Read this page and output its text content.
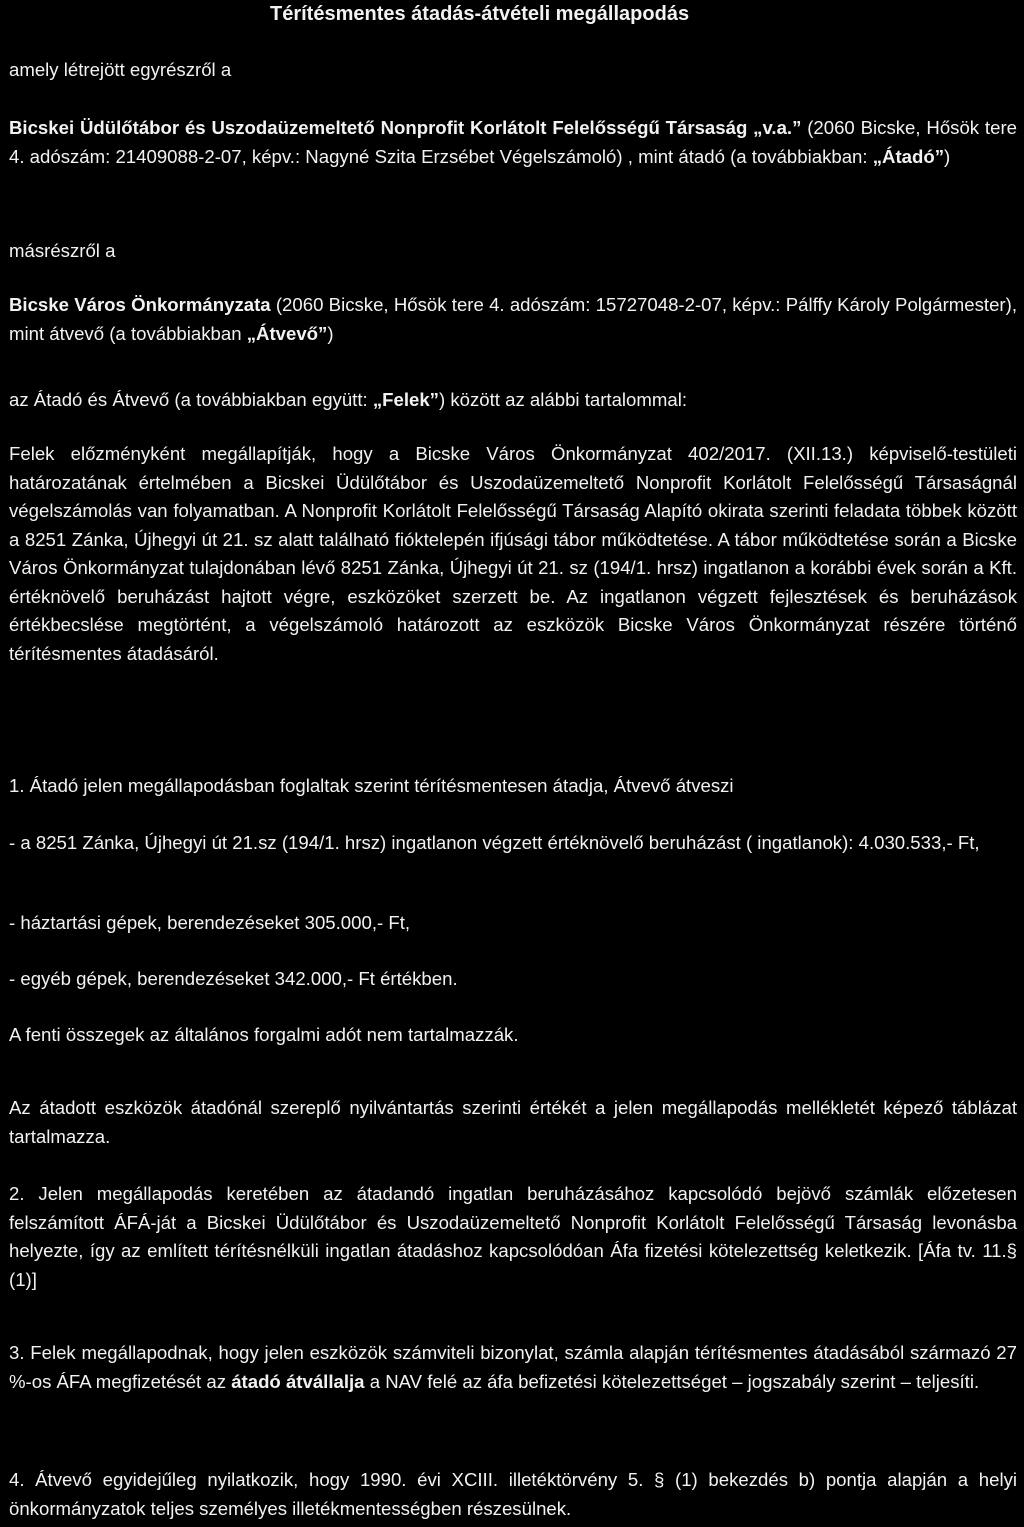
Térítésmentes átadás-átvételi megállapodás

amely létrejött egyrészről a

Bicskei Üdülőtábor és Uszodaüzemeltető Nonprofit Korlátolt Felelősségű Társaság „v.a.” (2060 Bicske, Hősök tere 4. adószám: 21409088-2-07, képv.: Nagyné Szita Erzsébet Végelszámoló) , mint átadó (a továbbiakban: „Átadó”)

másrészről a

Bicske Város Önkormányzata (2060 Bicske, Hősök tere 4. adószám: 15727048-2-07, képv.: Pálffy Károly Polgármester), mint átvevő (a továbbiakban „Átvevő”)

az Átadó és Átvevő (a továbbiakban együtt: „Felek”) között az alábbi tartalommal:

Felek előzményként megállapítják, hogy a Bicske Város Önkormányzat 402/2017. (XII.13.) képviselő-testületi határozatának értelmében a Bicskei Üdülőtábor és Uszodaüzemeltető Nonprofit Korlátolt Felelősségű Társaságnál végelszámolás van folyamatban. A Nonprofit Korlátolt Felelősségű Társaság Alapító okirata szerinti feladata többek között a 8251 Zánka, Újhegyi út 21. sz alatt található fióktelepén ifjúsági tábor működtetése. A tábor működtetése során a Bicske Város Önkormányzat tulajdonában lévő 8251 Zánka, Újhegyi út 21. sz (194/1. hrsz) ingatlanon a korábbi évek során a Kft. értéknövelő beruházást hajtott végre, eszközöket szerzett be. Az ingatlanon végzett fejlesztések és beruházások értékbecslése megtörtént, a végelszámoló határozott az eszközök Bicske Város Önkormányzat részére történő térítésmentes átadásáról.

1. Átadó jelen megállapodásban foglaltak szerint térítésmentesen átadja, Átvevő átveszi

- a 8251 Zánka, Újhegyi út 21.sz (194/1. hrsz) ingatlanon végzett értéknövelő beruházást ( ingatlanok): 4.030.533,- Ft,

- háztartási gépek, berendezéseket 305.000,- Ft,

- egyéb gépek, berendezéseket 342.000,- Ft értékben.

A fenti összegek az általános forgalmi adót nem tartalmazzák.

Az átadott eszközök átadónál szereplő nyilvántartás szerinti értékét a jelen megállapodás mellékletét képező táblázat tartalmazza.

2. Jelen megállapodás keretében az átadandó ingatlan beruházásához kapcsolódó bejövő számlák előzetesen felszámított ÁFÁ-ját a Bicskei Üdülőtábor és Uszodaüzemeltető Nonprofit Korlátolt Felelősségű Társaság levonásba helyezte, így az említett térítésnélküli ingatlan átadáshoz kapcsolódóan Áfa fizetési kötelezettség keletkezik. [Áfa tv. 11.§ (1)]

3. Felek megállapodnak, hogy jelen eszközök számviteli bizonylat, számla alapján térítésmentes átadásából származó 27 %-os ÁFA megfizetését az átadó átvállalja a NAV felé az áfa befizetési kötelezettséget – jogszabály szerint – teljesíti.

4. Átvevő egyidejűleg nyilatkozik, hogy 1990. évi XCIII. illetéktörvény 5. § (1) bekezdés b) pontja alapján a helyi önkormányzatok teljes személyes illetékmentességben részesülnek.
